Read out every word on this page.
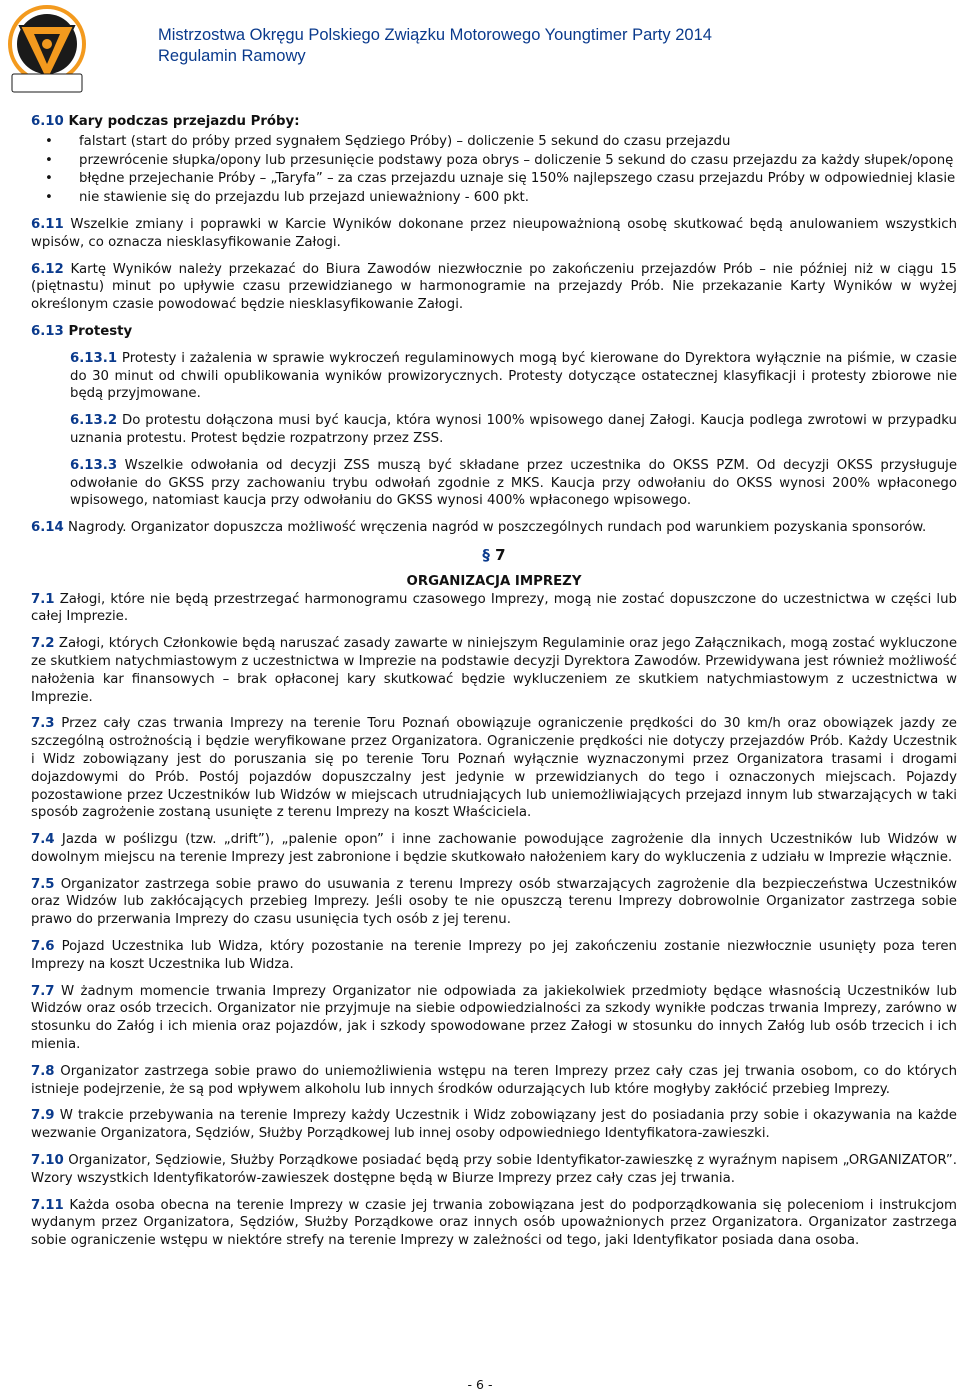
Mistrzostwa Okręgu Polskiego Związku Motorowego Youngtimer Party 2014
Regulamin Ramowy
6.10 Kary podczas przejazdu Próby:
• falstart (start do próby przed sygnałem Sędziego Próby) – doliczenie 5 sekund do czasu przejazdu
• przewrócenie słupka/opony lub przesunięcie podstawy poza obrys – doliczenie 5 sekund do czasu przejazdu za każdy słupek/oponę
• błędne przejechanie Próby – „Taryfa” – za czas przejazdu uznaje się 150% najlepszego czasu przejazdu Próby w odpowiedniej klasie
• nie stawienie się do przejazdu lub przejazd unieważniony - 600 pkt.

6.11 Wszelkie zmiany i poprawki w Karcie Wyników dokonane przez nieupoważnioną osobę skutkować będą anulowaniem wszystkich wpisów, co oznacza niesklasyfikowanie Załogi.

6.12 Kartę Wyników należy przekazać do Biura Zawodów niezwłocznie po zakończeniu przejazdów Prób – nie później niż w ciągu 15 (piętnastu) minut po upływie czasu przewidzianego w harmonogramie na przejazdy Prób. Nie przekazanie Karty Wyników w wyżej określonym czasie powodować będzie niesklasyfikowanie Załogi.

6.13 Protesty

6.13.1 Protesty i zażalenia w sprawie wykroczeń regulaminowych mogą być kierowane do Dyrektora wyłącznie na piśmie, w czasie do 30 minut od chwili opublikowania wyników prowizorycznych. Protesty dotyczące ostatecznej klasyfikacji i protesty zbiorowe nie będą przyjmowane.

6.13.2 Do protestu dołączona musi być kaucja, która wynosi 100% wpisowego danej Załogi. Kaucja podlega zwrotowi w przypadku uznania protestu. Protest będzie rozpatrzony przez ZSS.

6.13.3 Wszelkie odwołania od decyzji ZSS muszą być składane przez uczestnika do OKSS PZM. Od decyzji OKSS przysługuje odwołanie do GKSS przy zachowaniu trybu odwołań zgodnie z MKS. Kaucja przy odwołaniu do OKSS wynosi 200% wpłaconego wpisowego, natomiast kaucja przy odwołaniu do GKSS wynosi 400% wpłaconego wpisowego.

6.14 Nagrody. Organizator dopuszcza możliwość wręczenia nagród w poszczególnych rundach pod warunkiem pozyskania sponsorów.

§ 7
ORGANIZACJA IMPREZY

7.1 Załogi, które nie będą przestrzegać harmonogramu czasowego Imprezy, mogą nie zostać dopuszczone do uczestnictwa w części lub całej Imprezie.

7.2 Załogi, których Członkowie będą naruszać zasady zawarte w niniejszym Regulaminie oraz jego Załącznikach, mogą zostać wykluczone ze skutkiem natychmiastowym z uczestnictwa w Imprezie na podstawie decyzji Dyrektora Zawodów. Przewidywana jest również możliwość nałożenia kar finansowych – brak opłaconej kary skutkować będzie wykluczeniem ze skutkiem natychmiastowym z uczestnictwa w Imprezie.

7.3 Przez cały czas trwania Imprezy na terenie Toru Poznań obowiązuje ograniczenie prędkości do 30 km/h oraz obowiązek jazdy ze szczególną ostrożnością i będzie weryfikowane przez Organizatora. Ograniczenie prędkości nie dotyczy przejazdów Prób. Każdy Uczestnik i Widz zobowiązany jest do poruszania się po terenie Toru Poznań wyłącznie wyznaczonymi przez Organizatora trasami i drogami dojazdowymi do Prób. Postój pojazdów dopuszczalny jest jedynie w przewidzianych do tego i oznaczonych miejscach. Pojazdy pozostawione przez Uczestników lub Widzów w miejscach utrudniających lub uniemożliwiających przejazd innym lub stwarzających w taki sposób zagrożenie zostaną usunięte z terenu Imprezy na koszt Właściciela.

7.4 Jazda w poślizgu (tzw. „drift”), „palenie opon” i inne zachowanie powodujące zagrożenie dla innych Uczestników lub Widzów w dowolnym miejscu na terenie Imprezy jest zabronione i będzie skutkowało nałożeniem kary do wykluczenia z udziału w Imprezie włącznie.

7.5 Organizator zastrzega sobie prawo do usuwania z terenu Imprezy osób stwarzających zagrożenie dla bezpieczeństwa Uczestników oraz Widzów lub zakłócających przebieg Imprezy. Jeśli osoby te nie opuszczą terenu Imprezy dobrowolnie Organizator zastrzega sobie prawo do przerwania Imprezy do czasu usunięcia tych osób z jej terenu.

7.6 Pojazd Uczestnika lub Widza, który pozostanie na terenie Imprezy po jej zakończeniu zostanie niezwłocznie usunięty poza teren Imprezy na koszt Uczestnika lub Widza.

7.7 W żadnym momencie trwania Imprezy Organizator nie odpowiada za jakiekolwiek przedmioty będące własnością Uczestników lub Widzów oraz osób trzecich. Organizator nie przyjmuje na siebie odpowiedzialności za szkody wynikłe podczas trwania Imprezy, zarówno w stosunku do Załóg i ich mienia oraz pojazdów, jak i szkody spowodowane przez Załogi w stosunku do innych Załóg lub osób trzecich i ich mienia.

7.8 Organizator zastrzega sobie prawo do uniemożliwienia wstępu na teren Imprezy przez cały czas jej trwania osobom, co do których istnieje podejrzenie, że są pod wpływem alkoholu lub innych środków odurzających lub które mogłyby zakłócić przebieg Imprezy.

7.9 W trakcie przebywania na terenie Imprezy każdy Uczestnik i Widz zobowiązany jest do posiadania przy sobie i okazywania na każde wezwanie Organizatora, Sędziów, Służby Porządkowej lub innej osoby odpowiedniego Identyfikatora-zawieszki.

7.10 Organizator, Sędziowie, Służby Porządkowe posiadać będą przy sobie Identyfikator-zawieszkę z wyraźnym napisem „ORGANIZATOR”. Wzory wszystkich Identyfikatorów-zawieszek dostępne będą w Biurze Imprezy przez cały czas jej trwania.

7.11 Każda osoba obecna na terenie Imprezy w czasie jej trwania zobowiązana jest do podporządkowania się poleceniom i instrukcjom wydanym przez Organizatora, Sędziów, Służby Porządkowe oraz innych osób upoważnionych przez Organizatora. Organizator zastrzega sobie ograniczenie wstępu w niektóre strefy na terenie Imprezy w zależności od tego, jaki Identyfikator posiada dana osoba.

- 6 -
